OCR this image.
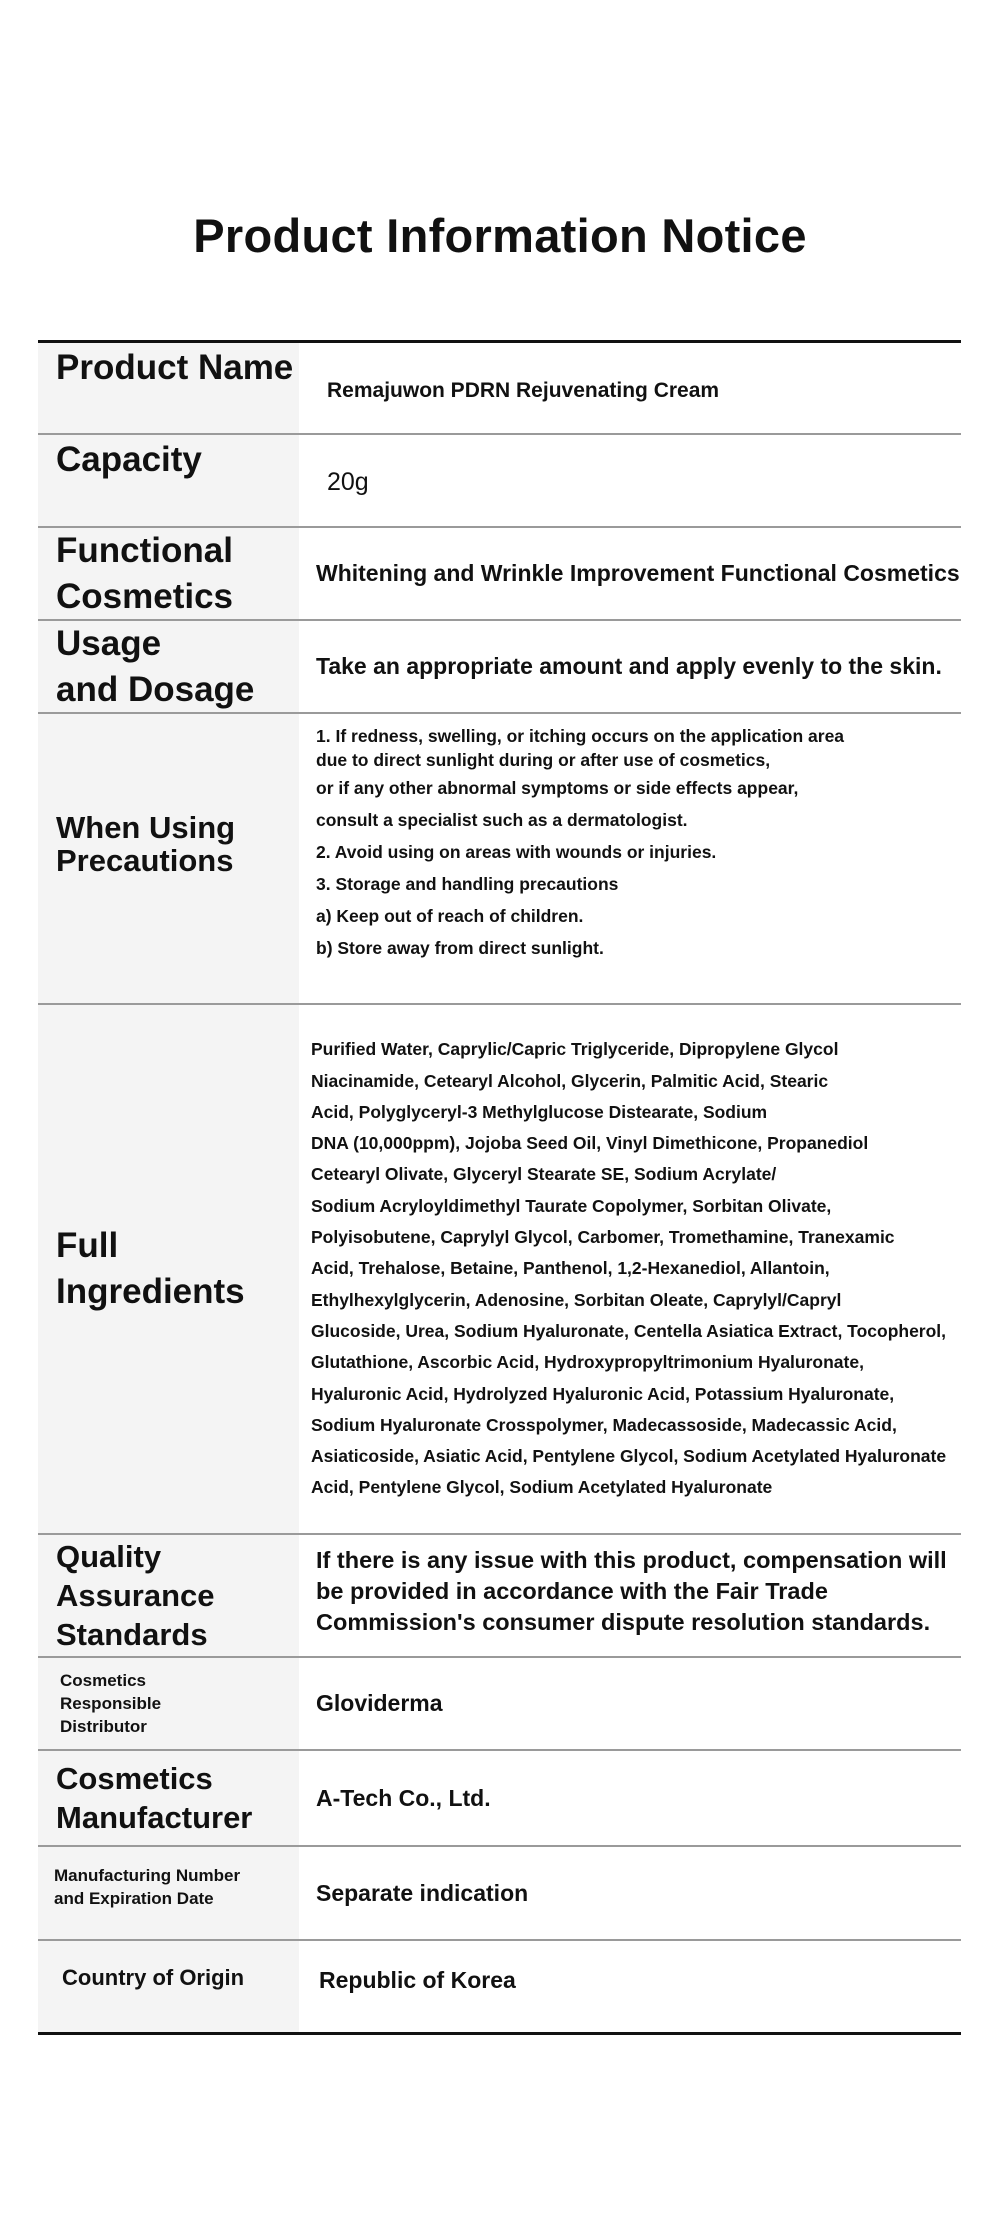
Product Information Notice
Product Name
Remajuwon PDRN Rejuvenating Cream
Capacity
20g
Functional
Cosmetics
Whitening and Wrinkle Improvement Functional Cosmetics
Usage
and Dosage
Take an appropriate amount and apply evenly to the skin.
When Using
Precautions
1. If redness, swelling, or itching occurs on the application area
due to direct sunlight during or after use of cosmetics,
or if any other abnormal symptoms or side effects appear,
consult a specialist such as a dermatologist.
2. Avoid using on areas with wounds or injuries.
3. Storage and handling precautions
a) Keep out of reach of children.
b) Store away from direct sunlight.
Full
Ingredients
Purified Water, Caprylic/Capric Triglyceride, Dipropylene Glycol
Niacinamide, Cetearyl Alcohol, Glycerin, Palmitic Acid, Stearic
Acid, Polyglyceryl-3 Methylglucose Distearate, Sodium
DNA (10,000ppm), Jojoba Seed Oil, Vinyl Dimethicone, Propanediol
Cetearyl Olivate, Glyceryl Stearate SE, Sodium Acrylate/
Sodium Acryloyldimethyl Taurate Copolymer, Sorbitan Olivate,
Polyisobutene, Caprylyl Glycol, Carbomer, Tromethamine, Tranexamic
Acid, Trehalose, Betaine, Panthenol, 1,2-Hexanediol, Allantoin,
Ethylhexylglycerin, Adenosine, Sorbitan Oleate, Caprylyl/Capryl
Glucoside, Urea, Sodium Hyaluronate, Centella Asiatica Extract, Tocopherol,
Glutathione, Ascorbic Acid, Hydroxypropyltrimonium Hyaluronate,
Hyaluronic Acid, Hydrolyzed Hyaluronic Acid, Potassium Hyaluronate,
Sodium Hyaluronate Crosspolymer, Madecassoside, Madecassic Acid,
Asiaticoside, Asiatic Acid, Pentylene Glycol, Sodium Acetylated Hyaluronate
Acid, Pentylene Glycol, Sodium Acetylated Hyaluronate
Quality
Assurance
Standards
If there is any issue with this product, compensation will
be provided in accordance with the Fair Trade
Commission's consumer dispute resolution standards.
Cosmetics
Responsible
Distributor
Gloviderma
Cosmetics
Manufacturer
A-Tech Co., Ltd.
Manufacturing Number
and Expiration Date	Separate indication
Country of Origin	Republic of Korea
